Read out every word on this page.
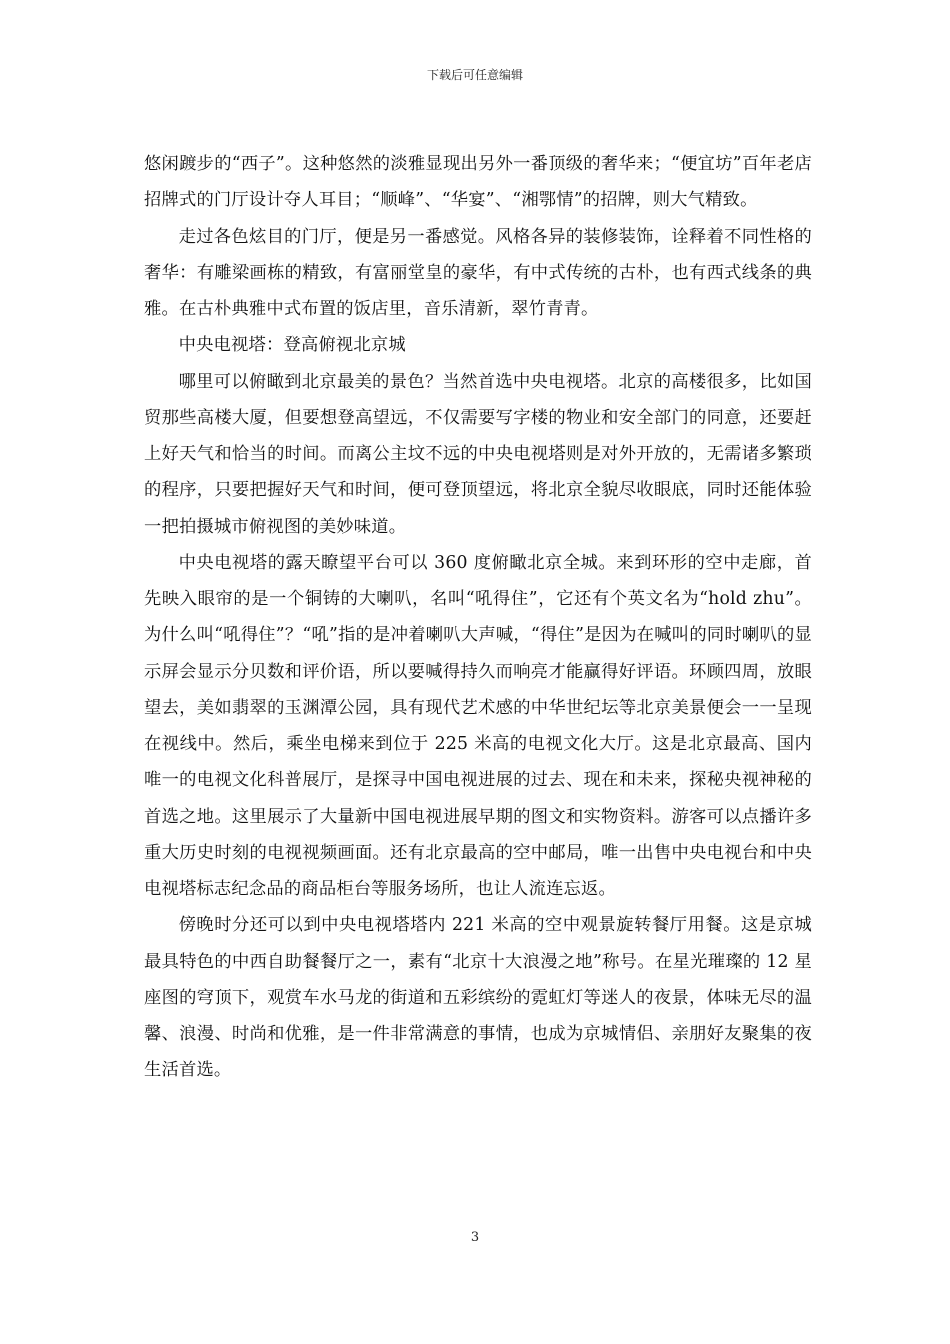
下载后可任意编辑

悠闲踱步的“西子”。这种悠然的淡雅显现出另外一番顶级的奢华来；“便宜坊”百年老店招牌式的门厅设计夺人耳目；“顺峰”、“华宴”、“湘鄂情”的招牌，则大气精致。

走过各色炫目的门厅，便是另一番感觉。风格各异的装修装饰，诠释着不同性格的奢华：有雕梁画栋的精致，有富丽堂皇的豪华，有中式传统的古朴，也有西式线条的典雅。在古朴典雅中式布置的饭店里，音乐清新，翠竹青青。

中央电视塔：登高俯视北京城

哪里可以俯瞰到北京最美的景色？当然首选中央电视塔。北京的高楼很多，比如国贸那些高楼大厦，但要想登高望远，不仅需要写字楼的物业和安全部门的同意，还要赶上好天气和恰当的时间。而离公主坟不远的中央电视塔则是对外开放的，无需诸多繁琐的程序，只要把握好天气和时间，便可登顶望远，将北京全貌尽收眼底，同时还能体验一把拍摄城市俯视图的美妙味道。

中央电视塔的露天瞭望平台可以 360 度俯瞰北京全城。来到环形的空中走廊，首先映入眼帘的是一个铜铸的大喇叭，名叫“吼得住”，它还有个英文名为“hold zhu”。为什么叫“吼得住”？“吼”指的是冲着喇叭大声喊，“得住”是因为在喊叫的同时喇叭的显示屏会显示分贝数和评价语，所以要喊得持久而响亮才能赢得好评语。环顾四周，放眼望去，美如翡翠的玉渊潭公园，具有现代艺术感的中华世纪坛等北京美景便会一一呈现在视线中。然后，乘坐电梯来到位于 225 米高的电视文化大厅。这是北京最高、国内唯一的电视文化科普展厅，是探寻中国电视进展的过去、现在和未来，探秘央视神秘的首选之地。这里展示了大量新中国电视进展早期的图文和实物资料。游客可以点播许多重大历史时刻的电视视频画面。还有北京最高的空中邮局，唯一出售中央电视台和中央电视塔标志纪念品的商品柜台等服务场所，也让人流连忘返。

傍晚时分还可以到中央电视塔塔内 221 米高的空中观景旋转餐厅用餐。这是京城最具特色的中西自助餐餐厅之一，素有“北京十大浪漫之地”称号。在星光璀璨的 12 星座图的穹顶下，观赏车水马龙的街道和五彩缤纷的霓虹灯等迷人的夜景，体味无尽的温馨、浪漫、时尚和优雅，是一件非常满意的事情，也成为京城情侣、亲朋好友聚集的夜生活首选。

3
